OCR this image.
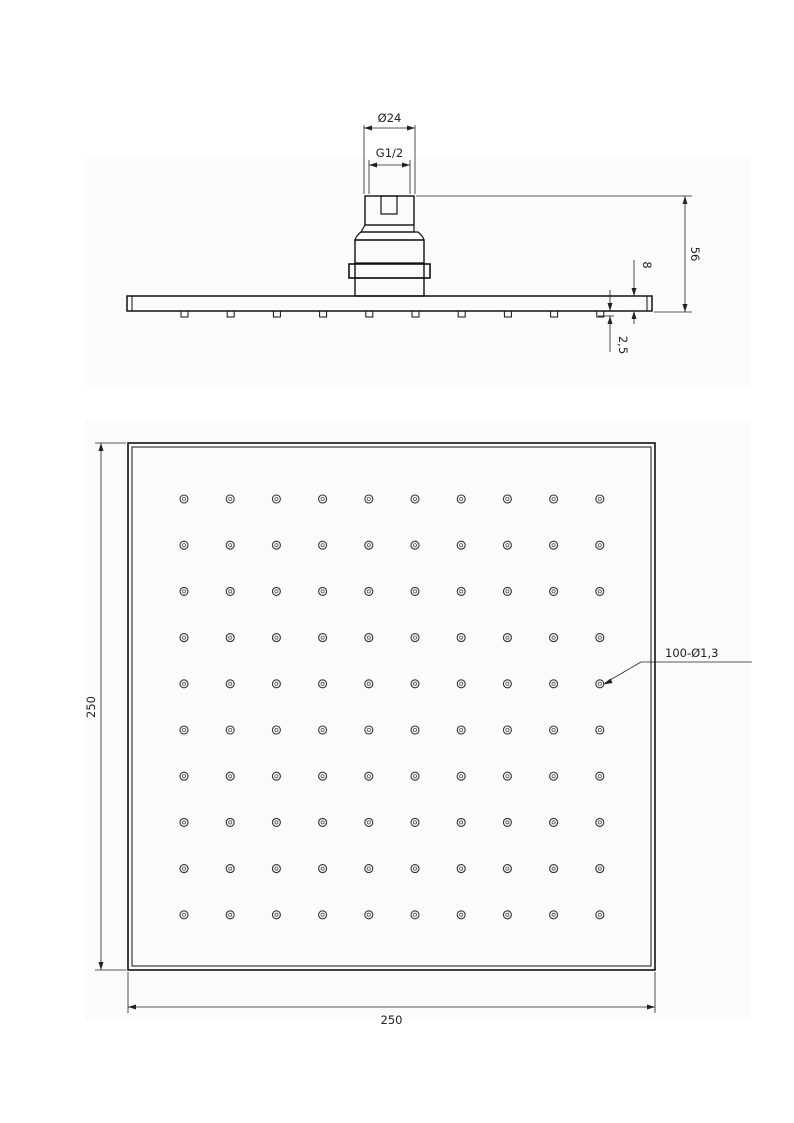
Ø24
G1/2
56
8
2,5
250
250
100-Ø1,3
